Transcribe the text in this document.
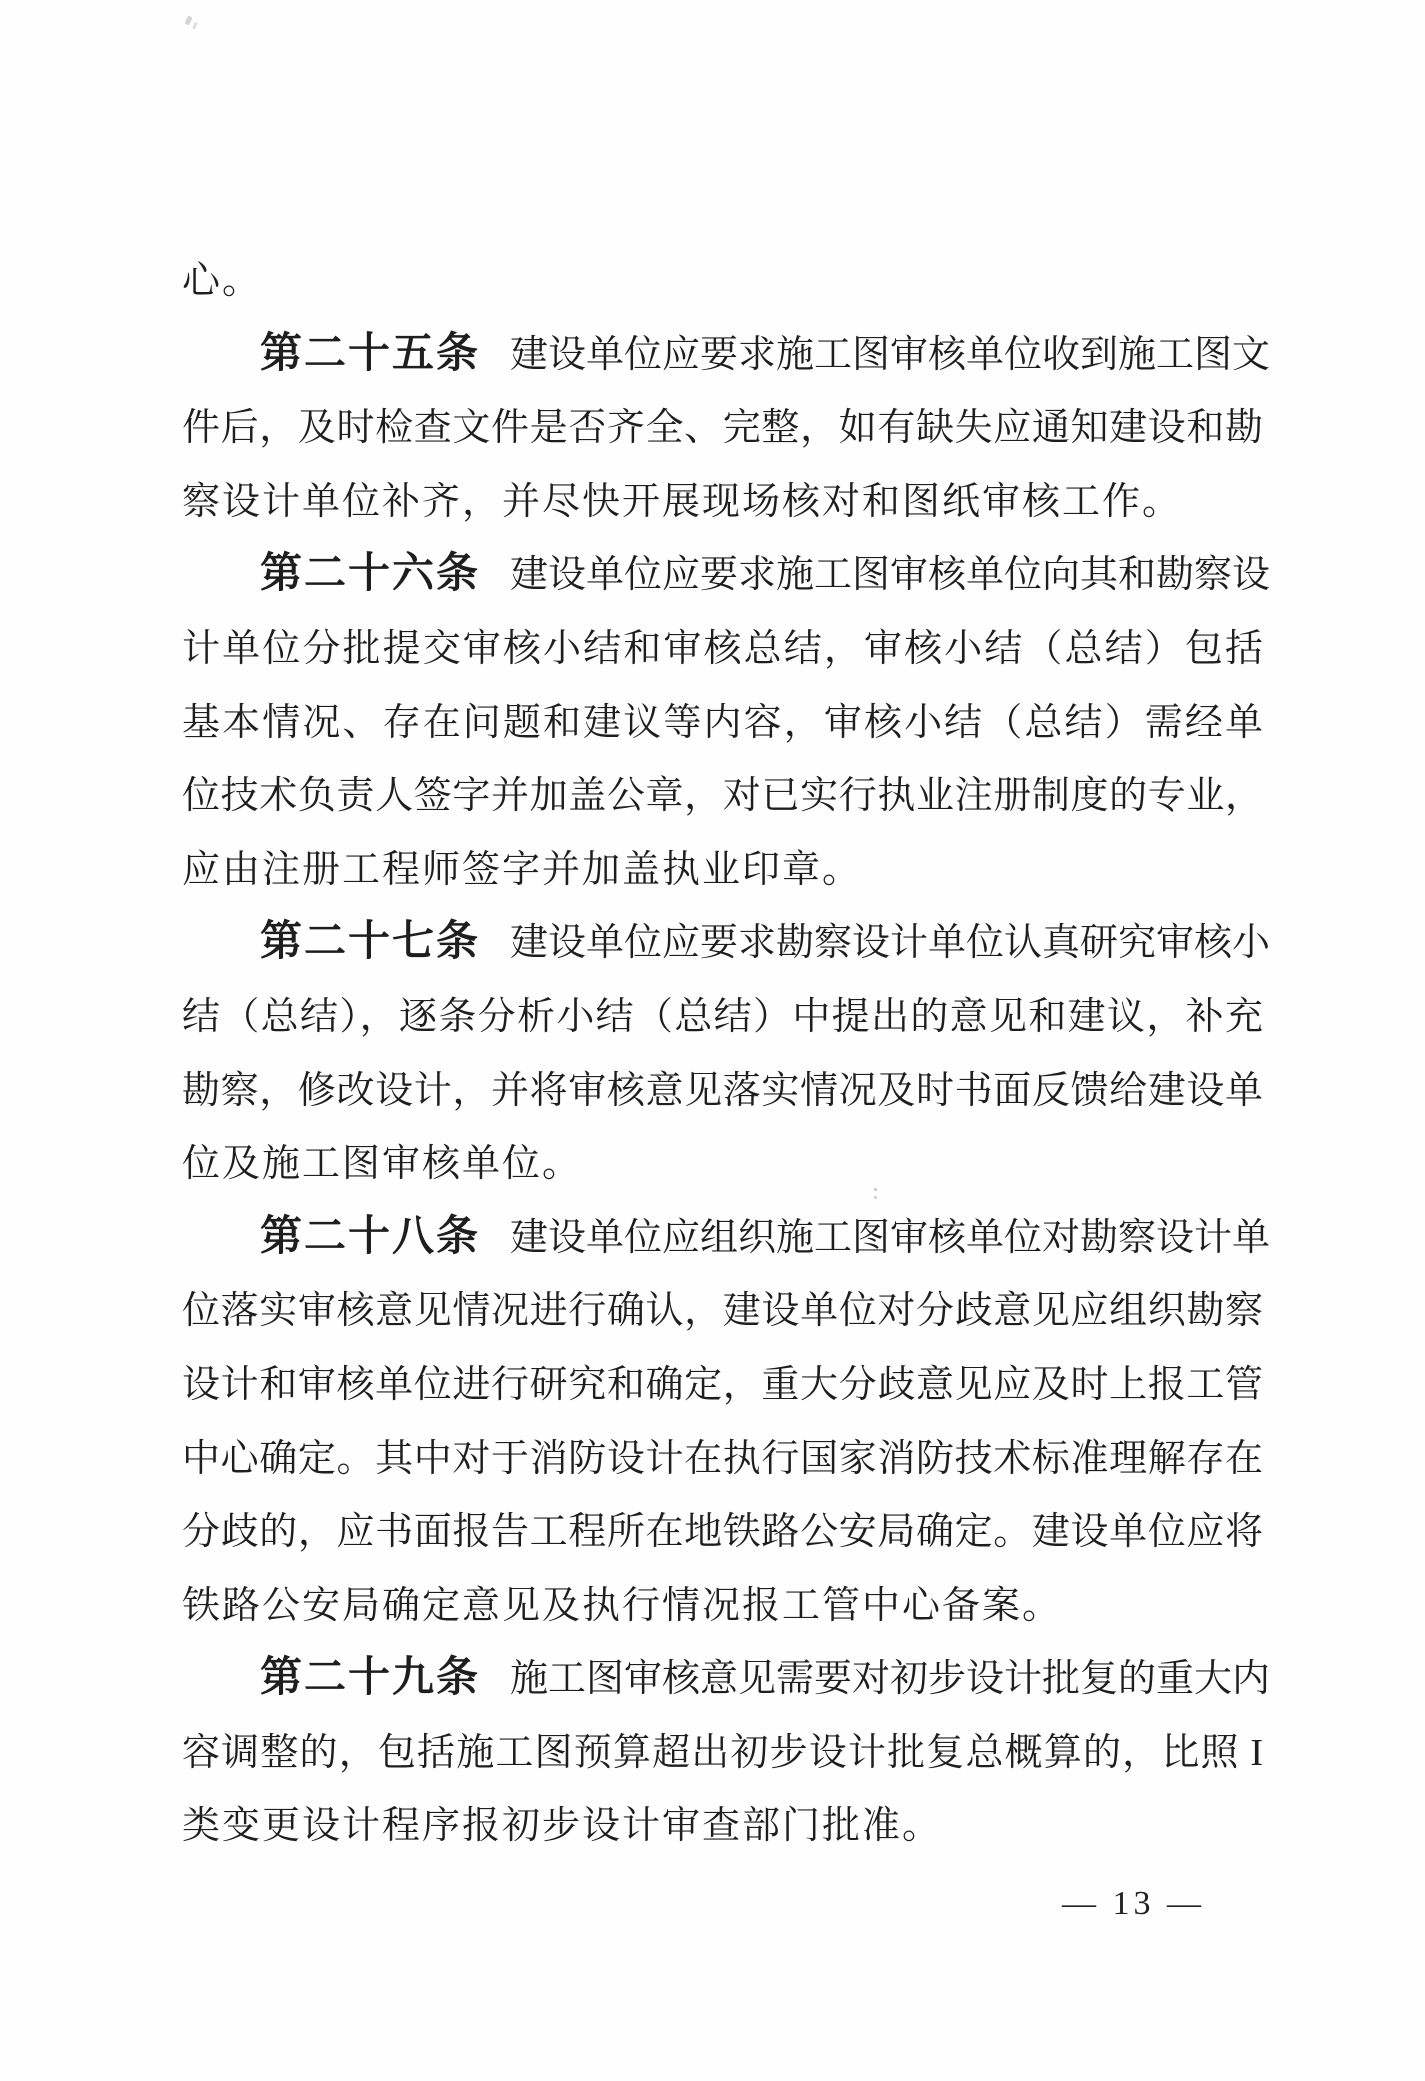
心。
第二十五条 建设单位应要求施工图审核单位收到施工图文
件后，及时检查文件是否齐全、完整，如有缺失应通知建设和勘
察设计单位补齐，并尽快开展现场核对和图纸审核工作。
第二十六条 建设单位应要求施工图审核单位向其和勘察设
计单位分批提交审核小结和审核总结，审核小结（总结）包括
基本情况、存在问题和建议等内容，审核小结（总结）需经单
位技术负责人签字并加盖公章，对已实行执业注册制度的专业，
应由注册工程师签字并加盖执业印章。
第二十七条 建设单位应要求勘察设计单位认真研究审核小
结（总结），逐条分析小结（总结）中提出的意见和建议，补充
勘察，修改设计，并将审核意见落实情况及时书面反馈给建设单
位及施工图审核单位。
第二十八条 建设单位应组织施工图审核单位对勘察设计单
位落实审核意见情况进行确认，建设单位对分歧意见应组织勘察
设计和审核单位进行研究和确定，重大分歧意见应及时上报工管
中心确定。其中对于消防设计在执行国家消防技术标准理解存在
分歧的，应书面报告工程所在地铁路公安局确定。建设单位应将
铁路公安局确定意见及执行情况报工管中心备案。
第二十九条 施工图审核意见需要对初步设计批复的重大内
容调整的，包括施工图预算超出初步设计批复总概算的，比照 I
类变更设计程序报初步设计审查部门批准。
— 13 —
